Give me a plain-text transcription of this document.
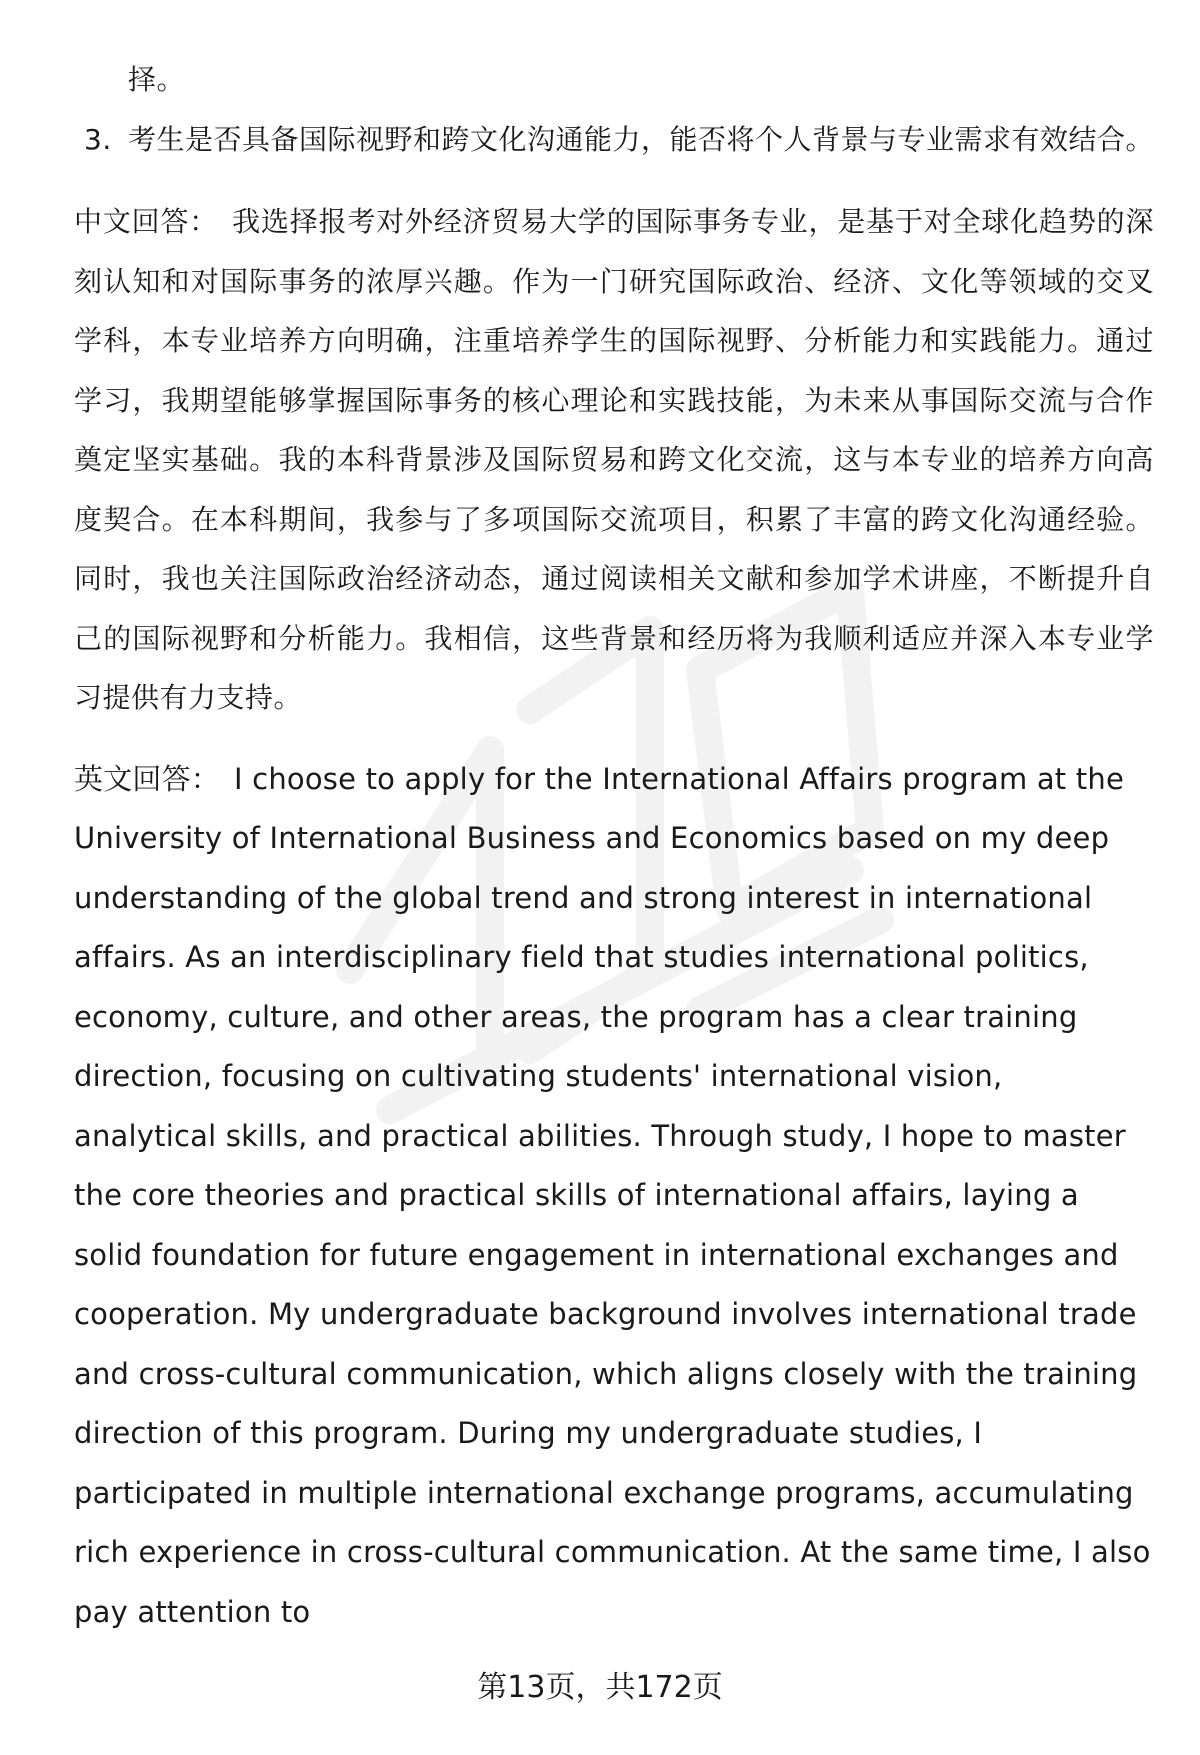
择。
3. 考生是否具备国际视野和跨文化沟通能力，能否将个人背景与专业需求有效结合。
中文回答： 我选择报考对外经济贸易大学的国际事务专业，是基于对全球化趋势的深刻认知和对国际事务的浓厚兴趣。作为一门研究国际政治、经济、文化等领域的交叉学科，本专业培养方向明确，注重培养学生的国际视野、分析能力和实践能力。通过学习，我期望能够掌握国际事务的核心理论和实践技能，为未来从事国际交流与合作奠定坚实基础。我的本科背景涉及国际贸易和跨文化交流，这与本专业的培养方向高度契合。在本科期间，我参与了多项国际交流项目，积累了丰富的跨文化沟通经验。同时，我也关注国际政治经济动态，通过阅读相关文献和参加学术讲座，不断提升自己的国际视野和分析能力。我相信，这些背景和经历将为我顺利适应并深入本专业学习提供有力支持。
英文回答： I choose to apply for the International Affairs program at the University of International Business and Economics based on my deep understanding of the global trend and strong interest in international affairs. As an interdisciplinary field that studies international politics, economy, culture, and other areas, the program has a clear training direction, focusing on cultivating students' international vision, analytical skills, and practical abilities. Through study, I hope to master the core theories and practical skills of international affairs, laying a solid foundation for future engagement in international exchanges and cooperation. My undergraduate background involves international trade and cross-cultural communication, which aligns closely with the training direction of this program. During my undergraduate studies, I participated in multiple international exchange programs, accumulating rich experience in cross-cultural communication. At the same time, I also pay attention to
第13页，共172页
